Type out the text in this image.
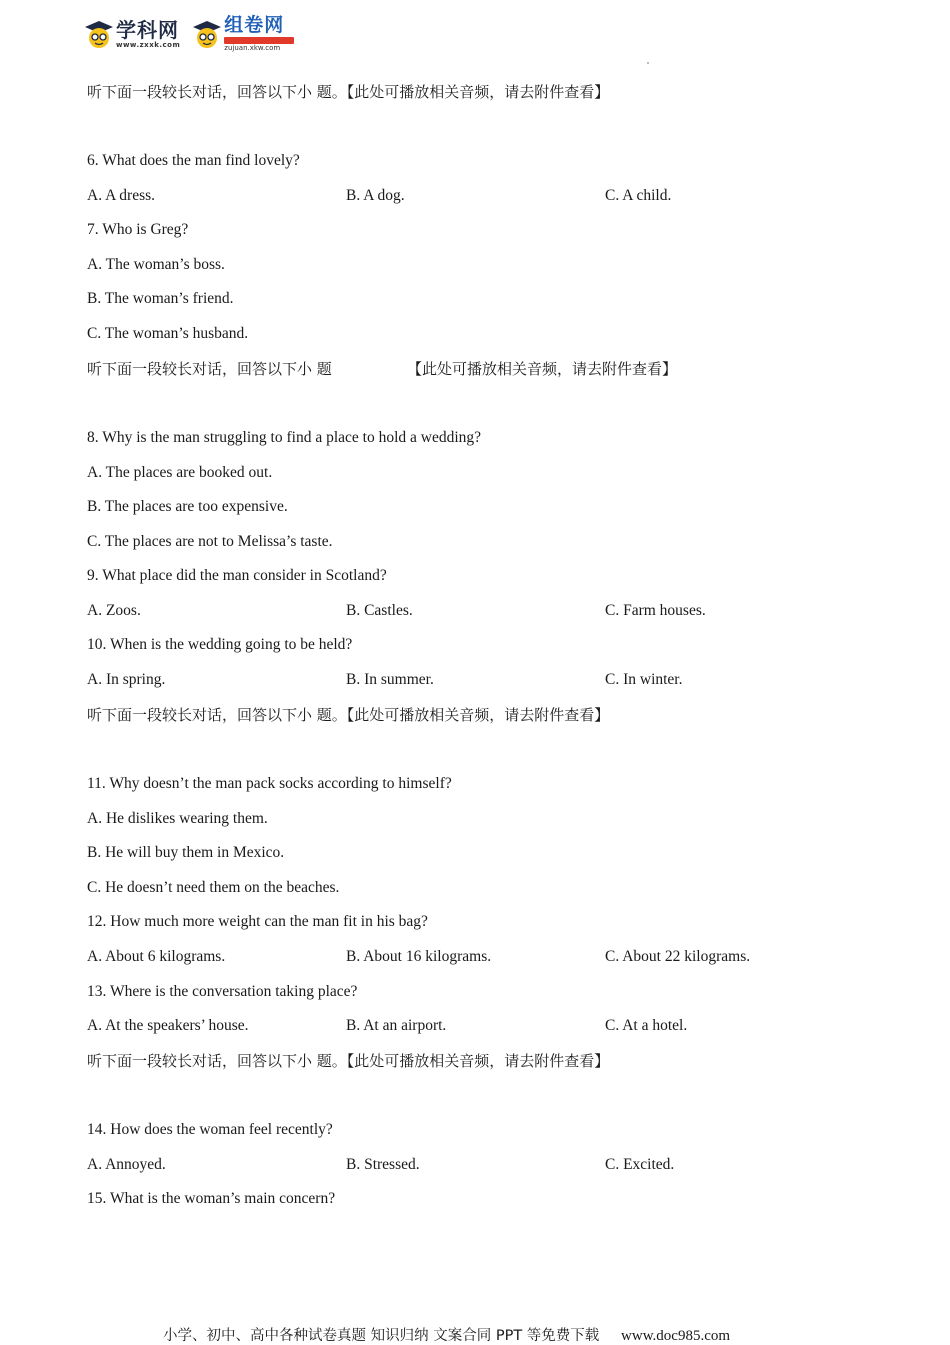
学科网
www.zxxk.com
组卷网
zujuan.xkw.com
听下面一段较长对话，回答以下小 题。【此处可播放相关音频，请去附件查看】
6. What does the man find lovely?
A. A dress.	B. A dog.	C. A child.
7. Who is Greg?
A. The woman’s boss.
B. The woman’s friend.
C. The woman’s husband.
听下面一段较长对话，回答以下小 题	【此处可播放相关音频，请去附件查看】
8. Why is the man struggling to find a place to hold a wedding?
A. The places are booked out.
B. The places are too expensive.
C. The places are not to Melissa’s taste.
9. What place did the man consider in Scotland?
A. Zoos.	B. Castles.	C. Farm houses.
10. When is the wedding going to be held?
A. In spring.	B. In summer.	C. In winter.
听下面一段较长对话，回答以下小 题。【此处可播放相关音频，请去附件查看】
11. Why doesn’t the man pack socks according to himself?
A. He dislikes wearing them.
B. He will buy them in Mexico.
C. He doesn’t need them on the beaches.
12. How much more weight can the man fit in his bag?
A. About 6 kilograms.	B. About 16 kilograms.	C. About 22 kilograms.
13. Where is the conversation taking place?
A. At the speakers’ house.	B. At an airport.	C. At a hotel.
听下面一段较长对话，回答以下小 题。【此处可播放相关音频，请去附件查看】
14. How does the woman feel recently?
A. Annoyed.	B. Stressed.	C. Excited.
15. What is the woman’s main concern?
小学、初中、高中各种试卷真题 知识归纳 文案合同 PPT 等免费下载 www.doc985.com
